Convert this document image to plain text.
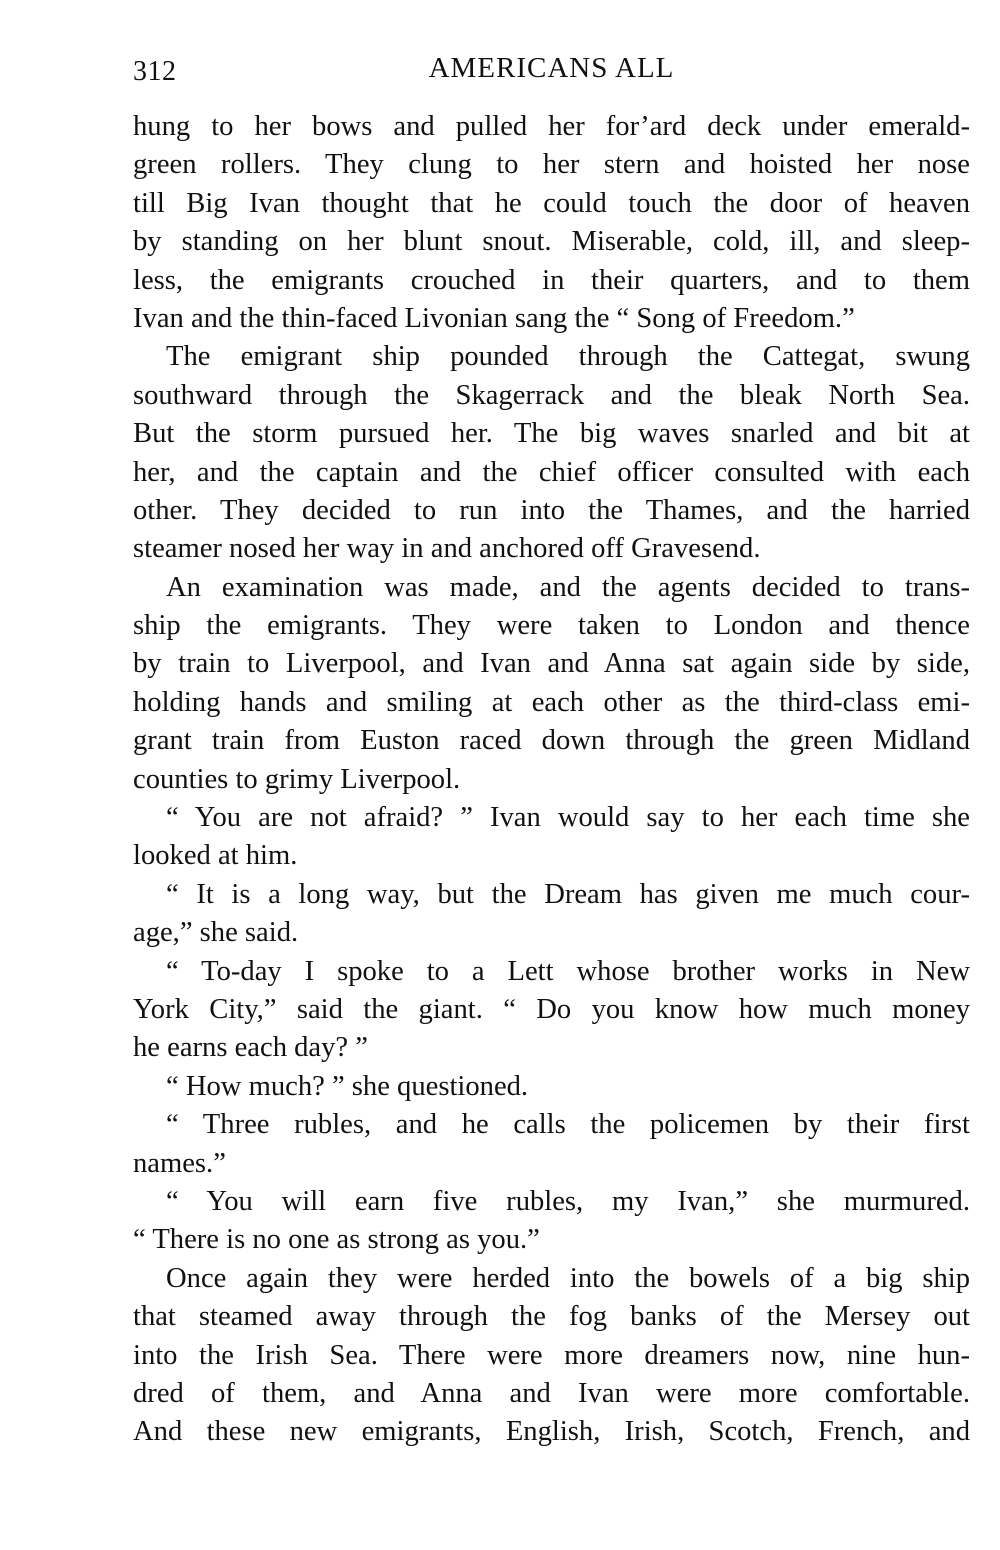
312	AMERICANS ALL
hung to her bows and pulled her for’ard deck under emerald-
green rollers. They clung to her stern and hoisted her nose
till Big Ivan thought that he could touch the door of heaven
by standing on her blunt snout. Miserable, cold, ill, and sleep-
less, the emigrants crouched in their quarters, and to them
Ivan and the thin-faced Livonian sang the “ Song of Freedom.”
The emigrant ship pounded through the Cattegat, swung
southward through the Skagerrack and the bleak North Sea.
But the storm pursued her. The big waves snarled and bit at
her, and the captain and the chief officer consulted with each
other. They decided to run into the Thames, and the harried
steamer nosed her way in and anchored off Gravesend.
An examination was made, and the agents decided to trans-
ship the emigrants. They were taken to London and thence
by train to Liverpool, and Ivan and Anna sat again side by side,
holding hands and smiling at each other as the third-class emi-
grant train from Euston raced down through the green Midland
counties to grimy Liverpool.
“ You are not afraid? ” Ivan would say to her each time she
looked at him.
“ It is a long way, but the Dream has given me much cour-
age,” she said.
“ To-day I spoke to a Lett whose brother works in New
York City,” said the giant. “ Do you know how much money
he earns each day? ”
“ How much? ” she questioned.
“ Three rubles, and he calls the policemen by their first
names.”
“ You will earn five rubles, my Ivan,” she murmured.
“ There is no one as strong as you.”
Once again they were herded into the bowels of a big ship
that steamed away through the fog banks of the Mersey out
into the Irish Sea. There were more dreamers now, nine hun-
dred of them, and Anna and Ivan were more comfortable.
And these new emigrants, English, Irish, Scotch, French, and
